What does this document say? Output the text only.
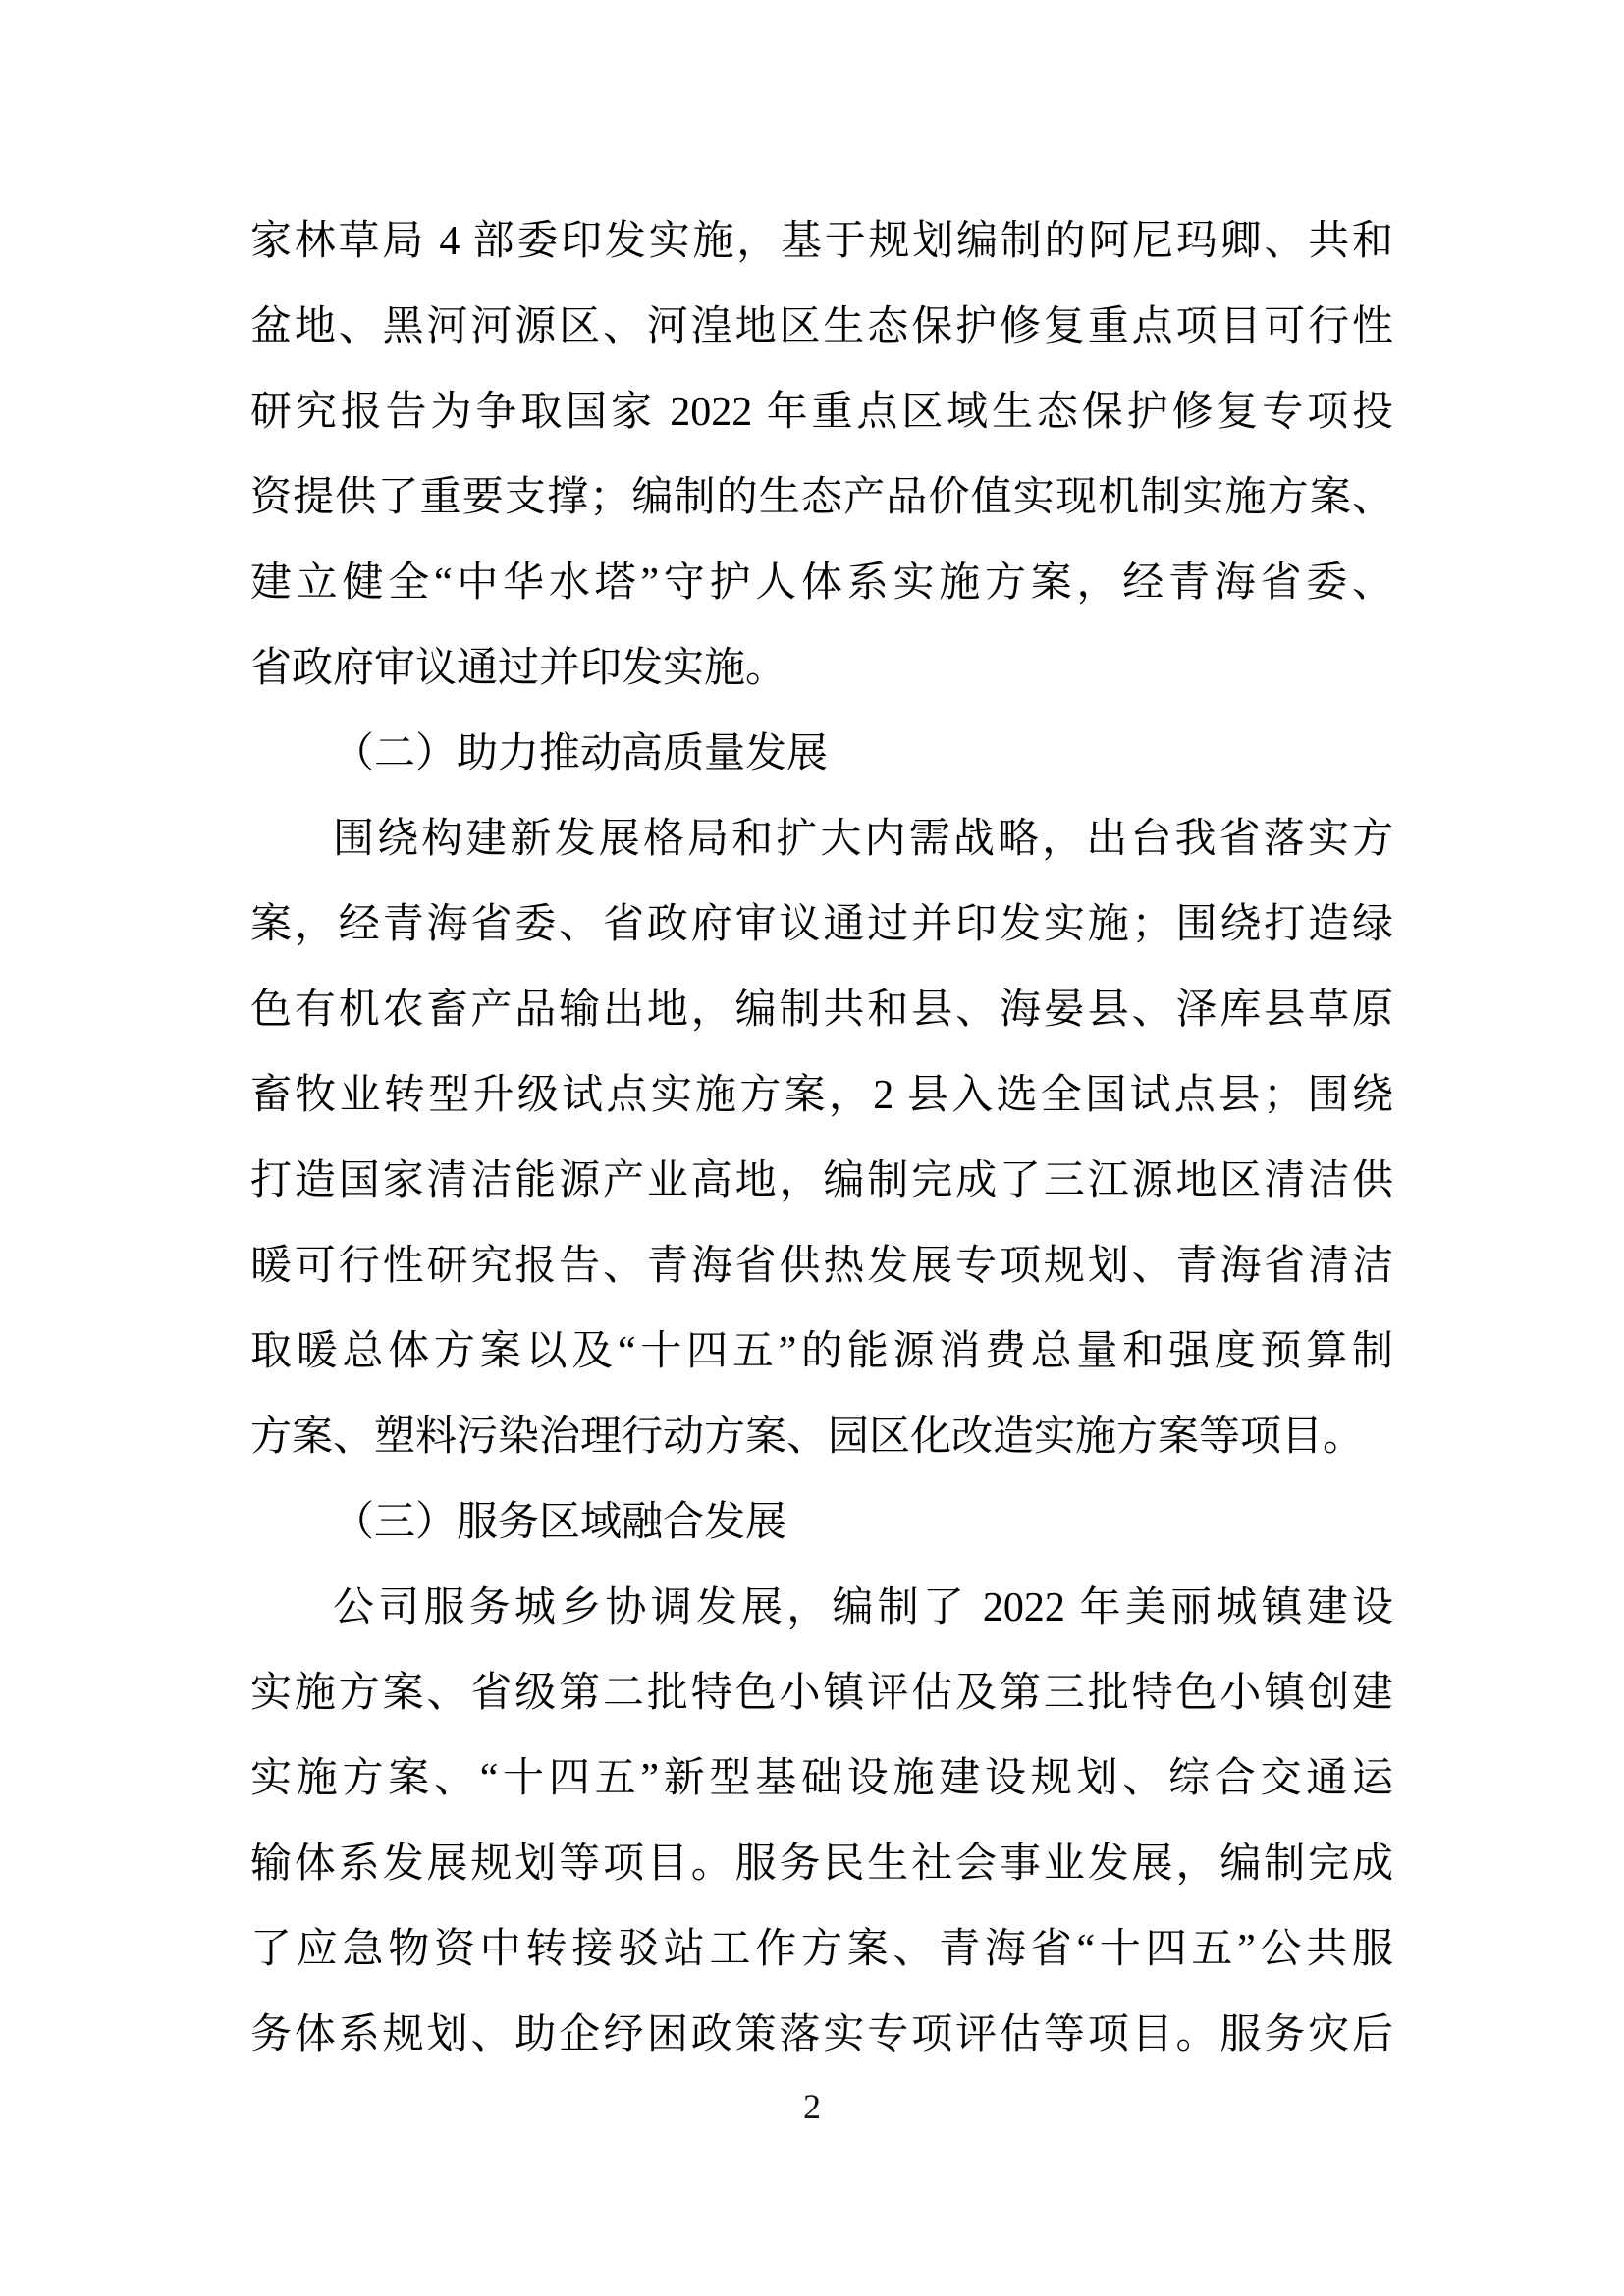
家林草局 4 部委印发实施，基于规划编制的阿尼玛卿、共和
盆地、黑河河源区、河湟地区生态保护修复重点项目可行性
研究报告为争取国家 2022 年重点区域生态保护修复专项投
资提供了重要支撑；编制的生态产品价值实现机制实施方案、
建立健全“中华水塔”守护人体系实施方案，经青海省委、
省政府审议通过并印发实施。
（二）助力推动高质量发展
围绕构建新发展格局和扩大内需战略，出台我省落实方
案，经青海省委、省政府审议通过并印发实施；围绕打造绿
色有机农畜产品输出地，编制共和县、海晏县、泽库县草原
畜牧业转型升级试点实施方案，2 县入选全国试点县；围绕
打造国家清洁能源产业高地，编制完成了三江源地区清洁供
暖可行性研究报告、青海省供热发展专项规划、青海省清洁
取暖总体方案以及“十四五”的能源消费总量和强度预算制
方案、塑料污染治理行动方案、园区化改造实施方案等项目。
（三）服务区域融合发展
公司服务城乡协调发展，编制了 2022 年美丽城镇建设
实施方案、省级第二批特色小镇评估及第三批特色小镇创建
实施方案、“十四五”新型基础设施建设规划、综合交通运
输体系发展规划等项目。服务民生社会事业发展，编制完成
了应急物资中转接驳站工作方案、青海省“十四五”公共服
务体系规划、助企纾困政策落实专项评估等项目。服务灾后
2
